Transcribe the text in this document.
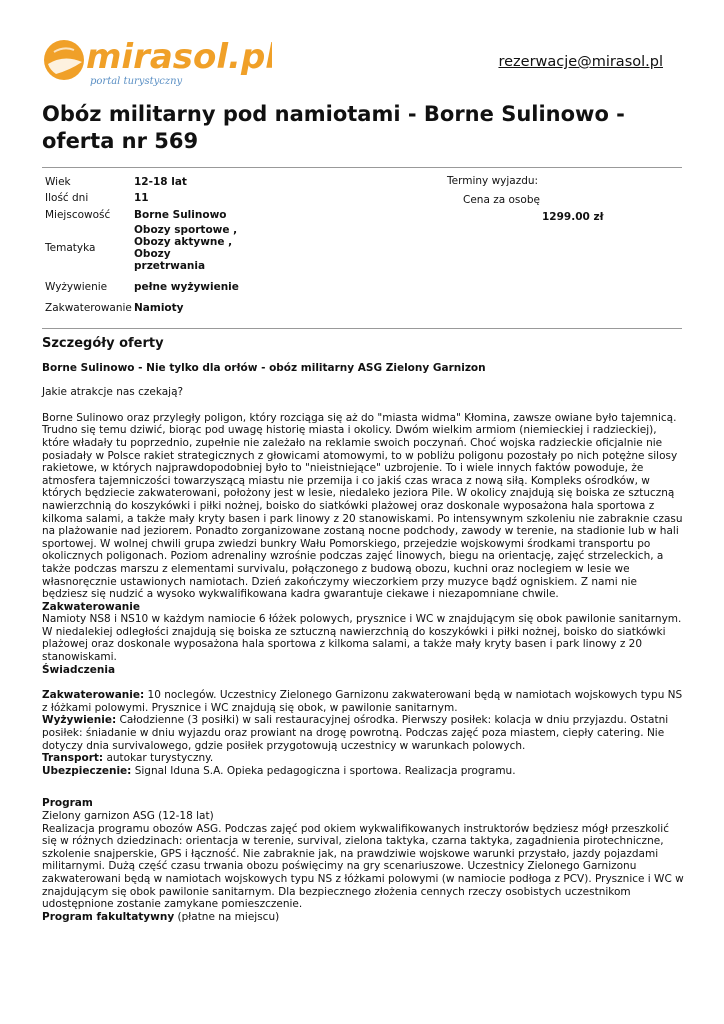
mirasol.pl
portal turystyczny
rezerwacje@mirasol.pl
Obóz militarny pod namiotami - Borne Sulinowo - oferta nr 569
Wiek	12-18 lat
Ilość dni	11
Miejscowość	Borne Sulinowo
Tematyka
Obozy sportowe , Obozy aktywne , Obozy przetrwania
Wyżywienie	pełne wyżywienie
Zakwaterowanie Namioty
Terminy wyjazdu:
Cena za osobę
1299.00 zł
Szczegóły oferty

Borne Sulinowo - Nie tylko dla orłów - obóz militarny ASG Zielony Garnizon

Jakie atrakcje nas czekają?

Borne Sulinowo oraz przyległy poligon, który rozciąga się aż do "miasta widma" Kłomina, zawsze owiane było tajemnicą. Trudno się temu dziwić, biorąc pod uwagę historię miasta i okolicy. Dwóm wielkim armiom (niemieckiej i radzieckiej), które władały tu poprzednio, zupełnie nie zależało na reklamie swoich poczynań. Choć wojska radzieckie oficjalnie nie posiadały w Polsce rakiet strategicznych z głowicami atomowymi, to w pobliżu poligonu pozostały po nich potężne silosy rakietowe, w których najprawdopodobniej było to "nieistniejące" uzbrojenie. To i wiele innych faktów powoduje, że atmosfera tajemniczości towarzyszącą miastu nie przemija i co jakiś czas wraca z nową siłą. Kompleks ośrodków, w których będziecie zakwaterowani, położony jest w lesie, niedaleko jeziora Pile. W okolicy znajdują się boiska ze sztuczną nawierzchnią do koszykówki i piłki nożnej, boisko do siatkówki plażowej oraz doskonale wyposażona hala sportowa z kilkoma salami, a także mały kryty basen i park linowy z 20 stanowiskami. Po intensywnym szkoleniu nie zabraknie czasu na plażowanie nad jeziorem. Ponadto zorganizowane zostaną nocne podchody, zawody w terenie, na stadionie lub w hali sportowej. W wolnej chwili grupa zwiedzi bunkry Wału Pomorskiego, przejedzie wojskowymi środkami transportu po okolicznych poligonach. Poziom adrenaliny wzrośnie podczas zajęć linowych, biegu na orientację, zajęć strzeleckich, a także podczas marszu z elementami survivalu, połączonego z budową obozu, kuchni oraz noclegiem w lesie we własnoręcznie ustawionych namiotach. Dzień zakończymy wieczorkiem przy muzyce bądź ogniskiem. Z nami nie będziesz się nudzić a wysoko wykwalifikowana kadra gwarantuje ciekawe i niezapomniane chwile.

Zakwaterowanie

Namioty NS8 i NS10 w każdym namiocie 6 łóżek polowych, prysznice i WC w znajdującym się obok pawilonie sanitarnym. W niedalekiej odległości znajdują się boiska ze sztuczną nawierzchnią do koszykówki i piłki nożnej, boisko do siatkówki plażowej oraz doskonale wyposażona hala sportowa z kilkoma salami, a także mały kryty basen i park linowy z 20 stanowiskami.

Świadczenia

Zakwaterowanie: 10 noclegów. Uczestnicy Zielonego Garnizonu zakwaterowani będą w namiotach wojskowych typu NS z łóżkami polowymi. Prysznice i WC znajdują się obok, w pawilonie sanitarnym.

Wyżywienie: Całodzienne (3 posiłki) w sali restauracyjnej ośrodka. Pierwszy posiłek: kolacja w dniu przyjazdu. Ostatni posiłek: śniadanie w dniu wyjazdu oraz prowiant na drogę powrotną. Podczas zajęć poza miastem, ciepły catering. Nie dotyczy dnia survivalowego, gdzie posiłek przygotowują uczestnicy w warunkach polowych.

Transport: autokar turystyczny.

Ubezpieczenie: Signal Iduna S.A. Opieka pedagogiczna i sportowa. Realizacja programu.

Program

Zielony garnizon ASG (12-18 lat)

Realizacja programu obozów ASG. Podczas zajęć pod okiem wykwalifikowanych instruktorów będziesz mógł przeszkolić się w różnych dziedzinach: orientacja w terenie, survival, zielona taktyka, czarna taktyka, zagadnienia pirotechniczne, szkolenie snajperskie, GPS i łączność. Nie zabraknie jak, na prawdziwie wojskowe warunki przystało, jazdy pojazdami militarnymi. Dużą część czasu trwania obozu poświęcimy na gry scenariuszowe. Uczestnicy Zielonego Garnizonu zakwaterowani będą w namiotach wojskowych typu NS z łóżkami polowymi (w namiocie podłoga z PCV). Prysznice i WC w znajdującym się obok pawilonie sanitarnym. Dla bezpiecznego złożenia cennych rzeczy osobistych uczestnikom udostępnione zostanie zamykane pomieszczenie.

Program fakultatywny (płatne na miejscu)
